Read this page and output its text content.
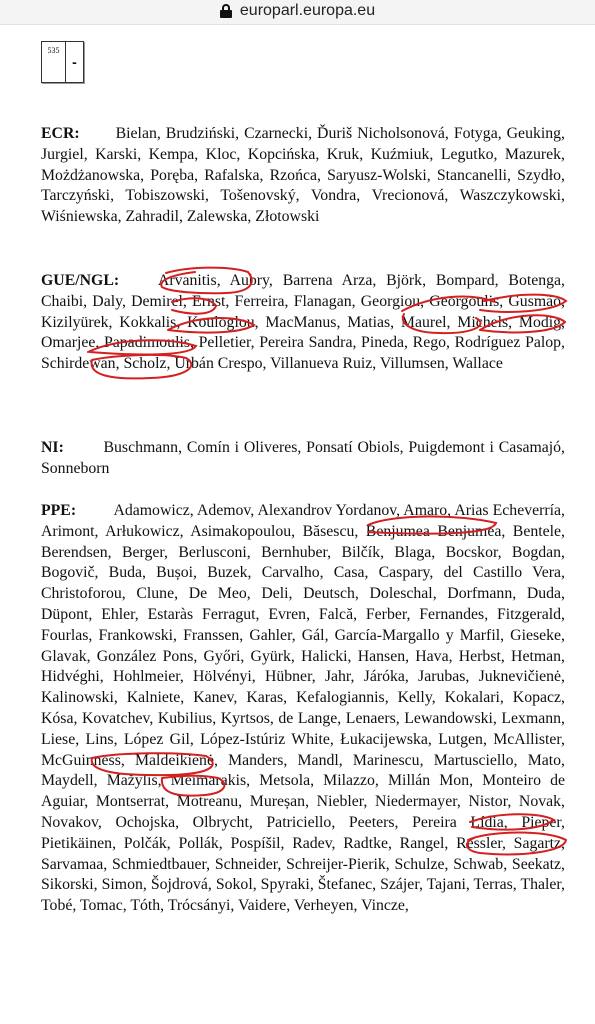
europarl.europa.eu
535
-
ECR: Bielan, Brudziński, Czarnecki, Ďuriš Nicholsonová, Fotyga, Geuking, Jurgiel, Karski, Kempa, Kloc, Kopcińska, Kruk, Kuźmiuk, Legutko, Mazurek, Możdżanowska, Poręba, Rafalska, Rzońca, Saryusz-Wolski, Stancanelli, Szydło, Tarczyński, Tobiszowski, Tošenovský, Vondra, Vrecionová, Waszczykowski, Wiśniewska, Zahradil, Zalewska, Złotowski
GUE/NGL: Arvanitis, Aubry, Barrena Arza, Björk, Bompard, Botenga, Chaibi, Daly, Demirel, Ernst, Ferreira, Flanagan, Georgiou, Georgoulis, Gusmão, Kizilyürek, Kokkalis, Kouloglou, MacManus, Matias, Maurel, Michels, Modig, Omarjee, Papadimoulis, Pelletier, Pereira Sandra, Pineda, Rego, Rodríguez Palop, Schirdewan, Scholz, Urbán Crespo, Villanueva Ruiz, Villumsen, Wallace
NI:	Buschmann, Comín i Oliveres, Ponsatí Obiols, Puigdemont i Casamajó, Sonneborn
PPE: Adamowicz, Ademov, Alexandrov Yordanov, Amaro, Arias Echeverría, Arimont, Arłukowicz, Asimakopoulou, Băsescu, Benjumea Benjumea, Bentele, Berendsen, Berger, Berlusconi, Bernhuber, Bilčík, Blaga, Bocskor, Bogdan, Bogovič, Buda, Bușoi, Buzek, Carvalho, Casa, Caspary, del Castillo Vera, Christoforou, Clune, De Meo, Deli, Deutsch, Doleschal, Dorfmann, Duda, Düpont, Ehler, Estaràs Ferragut, Evren, Falcă, Ferber, Fernandes, Fitzgerald, Fourlas, Frankowski, Franssen, Gahler, Gál, García-Margallo y Marfil, Gieseke, Glavak, González Pons, Győri, Gyürk, Halicki, Hansen, Hava, Herbst, Hetman, Hidvéghi, Hohlmeier, Hölvényi, Hübner, Jahr, Járóka, Jarubas, Juknevičienė, Kalinowski, Kalniete, Kanev, Karas, Kefalogiannis, Kelly, Kokalari, Kopacz, Kósa, Kovatchev, Kubilius, Kyrtsos, de Lange, Lenaers, Lewandowski, Lexmann, Liese, Lins, López Gil, López-Istúriz White, Łukacijewska, Lutgen, McAllister, McGuinness, Maldeikienė, Manders, Mandl, Marinescu, Martusciello, Mato, Maydell, Mažylis, Meimarakis, Metsola, Milazzo, Millán Mon, Monteiro de Aguiar, Montserrat, Motreanu, Mureșan, Niebler, Niedermayer, Nistor, Novak, Novakov, Ochojska, Olbrycht, Patriciello, Peeters, Pereira Lídia, Pieper, Pietikäinen, Polčák, Pollák, Pospíšil, Radev, Radtke, Rangel, Ressler, Sagartz, Sarvamaa, Schmiedtbauer, Schneider, Schreijer-Pierik, Schulze, Schwab, Seekatz, Sikorski, Simon, Šojdrová, Sokol, Spyraki, Štefanec, Szájer, Tajani, Terras, Thaler, Tobé, Tomac, Tóth, Trócsányi, Vaidere, Verheyen, Vincze,
